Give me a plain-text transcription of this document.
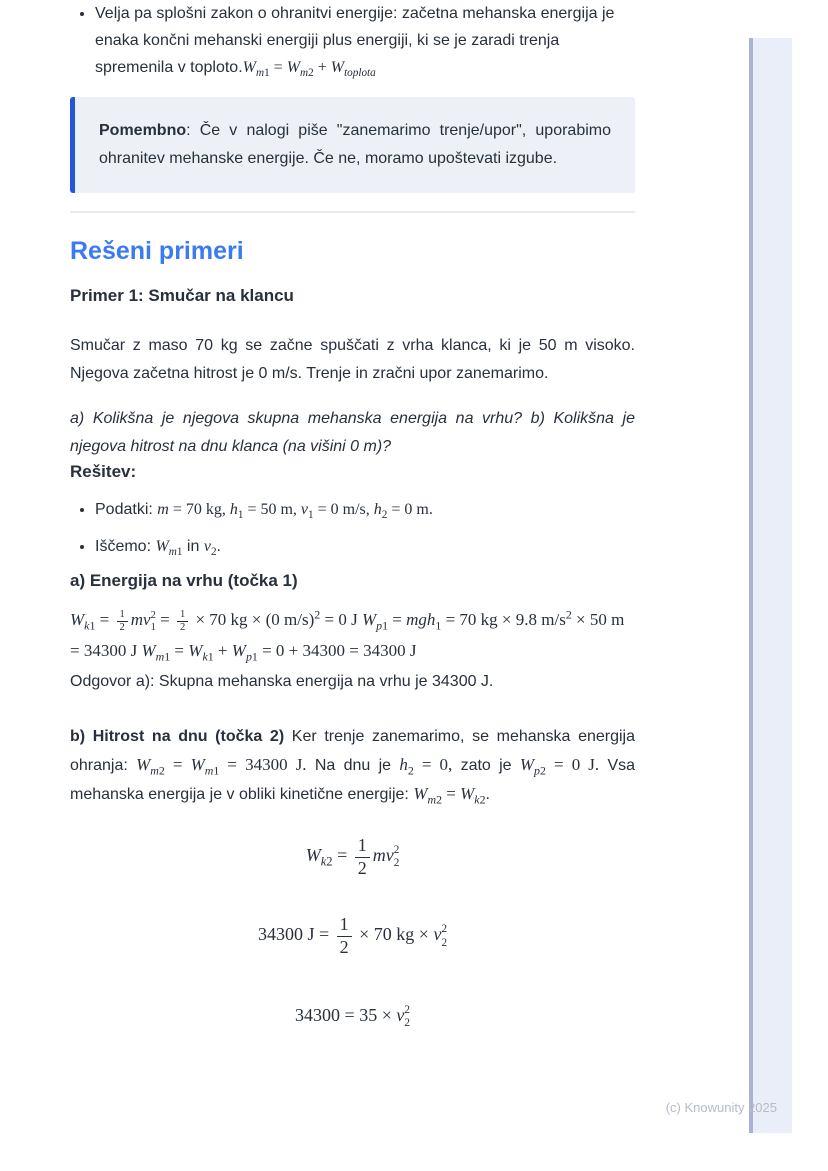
• Velja pa splošni zakon o ohranitvi energije: začetna mehanska energija je enaka končni mehanski energiji plus energiji, ki se je zaradi trenja spremenila v $toploto.W_{m1} = W_{m2} + W_{toplota}$

Pomembno: Če v nalogi piše "zanemarimo trenje/upor", uporabimo ohranitev mehanske energije. Če ne, moramo upoštevati izgube.

Rešeni primeri
Primer 1: Smučar na klancu

Smučar z maso 70 kg se začne spuščati z vrha klanca, ki je 50 m visoko. Njegova začetna hitrost je 0 m/s. Trenje in zračni upor zanemarimo.

a) Kolikšna je njegova skupna mehanska energija na vrhu? b) Kolikšna je njegova hitrost na dnu klanca (na višini 0 m)?

Rešitev:
• Podatki: m = 70 kg, $h_1 = 50$ m, $v_1 = 0$ m/s, $h_2 = 0$ m.
• Iščemo: $W_{m1}$ in $v_2$.
a) Energija na vrhu (točka 1)
$W_{k1} = \frac{1}{2}$ mv 2
$1 = \frac{1}{2} \times 70$ kg × (0 m/s)$^2$ = 0 J $W_{p1} = mgh_1 = 70$ kg × 9.8 $m/s^2 \times 50$ m = 34300 J $W_{m1} = W_{k1} + W_{p1} = 0 + 34300 = 34300$ J
Odgovor a): Skupna mehanska energija na vrhu je 34300 J.

b) Hitrost na dnu (točka 2) Ker trenje zanemarimo, se mehanska energija ohranja: $W_{m2} = W_{m1} = 34300$ J. Na dnu je $h_2 = 0$, zato je $W_{p2} = 0$ J. Vsa mehanska energija je v obliki kinetične energije: $W_{m2} = W_{k2}$.

$W_{k2} = \frac{1}{2}$ mv 2
2
34300 $J = \frac{1}{2} \times 70$ kg × v 2
2
34300 = 35 × v 2
2
(c) Knowunity 2025
